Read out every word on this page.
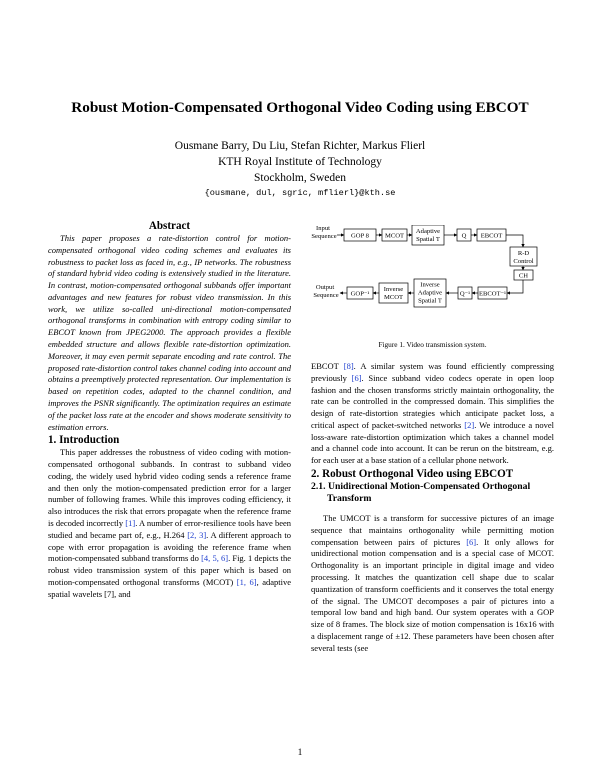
Robust Motion-Compensated Orthogonal Video Coding using EBCOT
Ousmane Barry, Du Liu, Stefan Richter, Markus Flierl
KTH Royal Institute of Technology
Stockholm, Sweden
{ousmane, dul, sgric, mflierl}@kth.se
Abstract

This paper proposes a rate-distortion control for motion-compensated orthogonal video coding schemes and evaluates its robustness to packet loss as faced in, e.g., IP networks. The robustness of standard hybrid video coding is extensively studied in the literature. In contrast, motion-compensated orthogonal subbands offer important advantages and new features for robust video transmission. In this work, we utilize so-called uni-directional motion-compensated orthogonal transforms in combination with entropy coding similar to EBCOT known from JPEG2000. The approach provides a flexible embedded structure and allows flexible rate-distortion optimization. Moreover, it may even permit separate encoding and rate control. The proposed rate-distortion control takes channel coding into account and obtains a preemptively protected representation. Our implementation is based on repetition codes, adapted to the channel condition, and improves the PSNR significantly. The optimization requires an estimate of the packet loss rate at the encoder and shows moderate sensitivity to estimation errors.

1. Introduction

This paper addresses the robustness of video coding with motion-compensated orthogonal subbands. In contrast to subband video coding, the widely used hybrid video coding sends a reference frame and then only the motion-compensated prediction error for a larger number of following frames. While this improves coding efficiency, it also introduces the risk that errors propagate when the reference frame is decoded incorrectly [1]. A number of error-resilience tools have been studied and became part of, e.g., H.264 [2, 3]. A different approach to cope with error propagation is avoiding the reference frame when motion-compensated subband transforms do [4, 5, 6]. Fig. 1 depicts the robust video transmission system of this paper which is based on motion-compensated orthogonal transforms (MCOT) [1, 6], adaptive spatial wavelets [7], and

Input
Sequence GOP 8 MCOT
Adaptive
Spatial T	Q EBCOT
R-D
Control
CH
Output
Sequence GOP⁻¹
Inverse
MCOT
Inverse
Adaptive
Spatial T
Q⁻¹ EBCOT⁻¹
Figure 1. Video transmission system.

EBCOT [8]. A similar system was found efficiently compressing previously [6]. Since subband video codecs operate in open loop fashion and the chosen transforms strictly maintain orthogonality, the rate can be controlled in the compressed domain. This simplifies the design of rate-distortion strategies which anticipate packet loss, a critical aspect of packet-switched networks [2]. We introduce a novel loss-aware rate-distortion optimization which takes a channel model and a channel code into account. It can be rerun on the bitstream, e.g. for each user at a base station of a cellular phone network.

2. Robust Orthogonal Video using EBCOT
2.1. Unidirectional Motion-Compensated Orthogonal Transform

The UMCOT is a transform for successive pictures of an image sequence that maintains orthogonality while permitting motion compensation between pairs of pictures [6]. It only allows for unidirectional motion compensation and is a special case of MCOT. Orthogonality is an important principle in digital image and video processing. It matches the quantization cell shape due to scalar quantization of transform coefficients and it conserves the total energy of the signal. The UMCOT decomposes a pair of pictures into a temporal low band and high band. Our system operates with a GOP size of 8 frames. The block size of motion compensation is 16x16 with a displacement range of ±12. These parameters have been chosen after several tests (see

1
